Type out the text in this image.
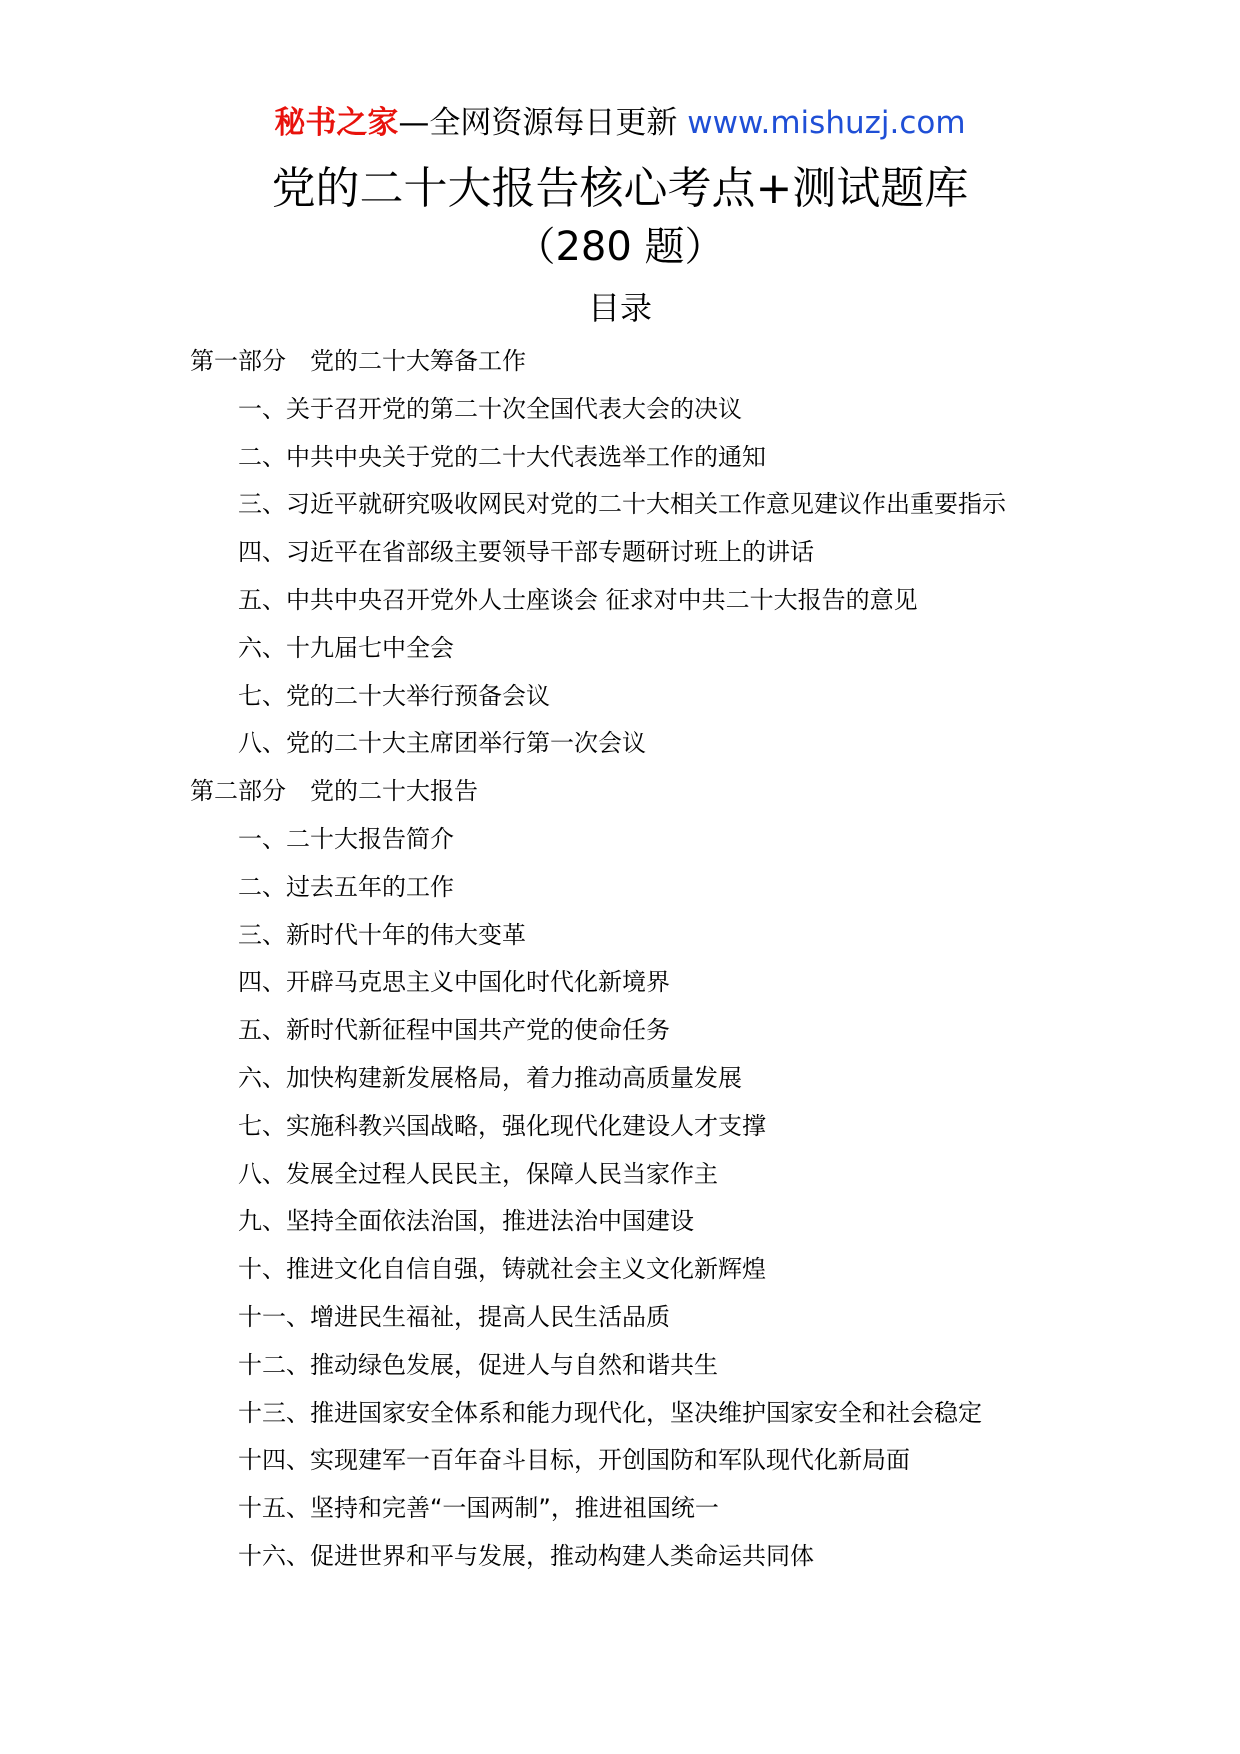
秘书之家—全网资源每日更新 www.mishuzj.com
党的二十大报告核心考点+测试题库
（280 题）
目录
第一部分　党的二十大筹备工作
一、关于召开党的第二十次全国代表大会的决议
二、中共中央关于党的二十大代表选举工作的通知
三、习近平就研究吸收网民对党的二十大相关工作意见建议作出重要指示
四、习近平在省部级主要领导干部专题研讨班上的讲话
五、中共中央召开党外人士座谈会 征求对中共二十大报告的意见
六、十九届七中全会
七、党的二十大举行预备会议
八、党的二十大主席团举行第一次会议
第二部分　党的二十大报告
一、二十大报告简介
二、过去五年的工作
三、新时代十年的伟大变革
四、开辟马克思主义中国化时代化新境界
五、新时代新征程中国共产党的使命任务
六、加快构建新发展格局，着力推动高质量发展
七、实施科教兴国战略，强化现代化建设人才支撑
八、发展全过程人民民主，保障人民当家作主
九、坚持全面依法治国，推进法治中国建设
十、推进文化自信自强，铸就社会主义文化新辉煌
十一、增进民生福祉，提高人民生活品质
十二、推动绿色发展，促进人与自然和谐共生
十三、推进国家安全体系和能力现代化，坚决维护国家安全和社会稳定
十四、实现建军一百年奋斗目标，开创国防和军队现代化新局面
十五、坚持和完善“一国两制”，推进祖国统一
十六、促进世界和平与发展，推动构建人类命运共同体
